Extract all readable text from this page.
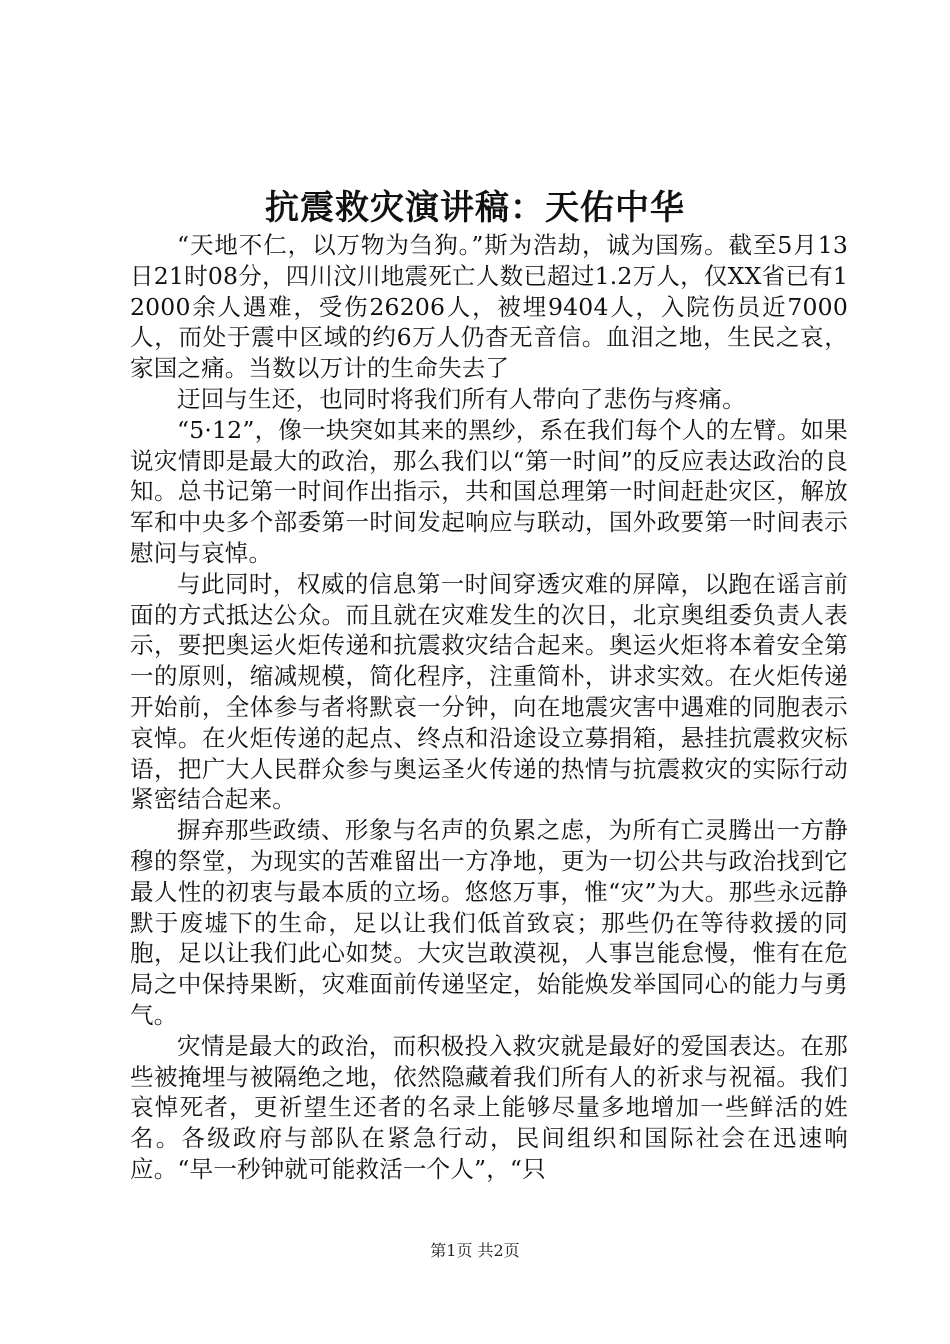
抗震救灾演讲稿：天佑中华

“天地不仁，以万物为刍狗。”斯为浩劫，诚为国殇。截至5月13日21时08分，四川汶川地震死亡人数已超过1.2万人，仅XX省已有12000余人遇难，受伤26206人，被埋9404人，入院伤员近7000人，而处于震中区域的约6万人仍杳无音信。血泪之地，生民之哀，家国之痛。当数以万计的生命失去了

迂回与生还，也同时将我们所有人带向了悲伤与疼痛。

“5·12”，像一块突如其来的黑纱，系在我们每个人的左臂。如果说灾情即是最大的政治，那么我们以“第一时间”的反应表达政治的良知。总书记第一时间作出指示，共和国总理第一时间赶赴灾区，解放军和中央多个部委第一时间发起响应与联动，国外政要第一时间表示慰问与哀悼。

与此同时，权威的信息第一时间穿透灾难的屏障，以跑在谣言前面的方式抵达公众。而且就在灾难发生的次日，北京奥组委负责人表示，要把奥运火炬传递和抗震救灾结合起来。奥运火炬将本着安全第一的原则，缩减规模，简化程序，注重简朴，讲求实效。在火炬传递开始前，全体参与者将默哀一分钟，向在地震灾害中遇难的同胞表示哀悼。在火炬传递的起点、终点和沿途设立募捐箱，悬挂抗震救灾标语，把广大人民群众参与奥运圣火传递的热情与抗震救灾的实际行动紧密结合起来。

摒弃那些政绩、形象与名声的负累之虑，为所有亡灵腾出一方静穆的祭堂，为现实的苦难留出一方净地，更为一切公共与政治找到它最人性的初衷与最本质的立场。悠悠万事，惟“灾”为大。那些永远静默于废墟下的生命，足以让我们低首致哀；那些仍在等待救援的同胞，足以让我们此心如焚。大灾岂敢漠视，人事岂能怠慢，惟有在危局之中保持果断，灾难面前传递坚定，始能焕发举国同心的能力与勇气。

灾情是最大的政治，而积极投入救灾就是最好的爱国表达。在那些被掩埋与被隔绝之地，依然隐藏着我们所有人的祈求与祝福。我们哀悼死者，更祈望生还者的名录上能够尽量多地增加一些鲜活的姓名。各级政府与部队在紧急行动，民间组织和国际社会在迅速响应。“早一秒钟就可能救活一个人”，“只

第1页 共2页
